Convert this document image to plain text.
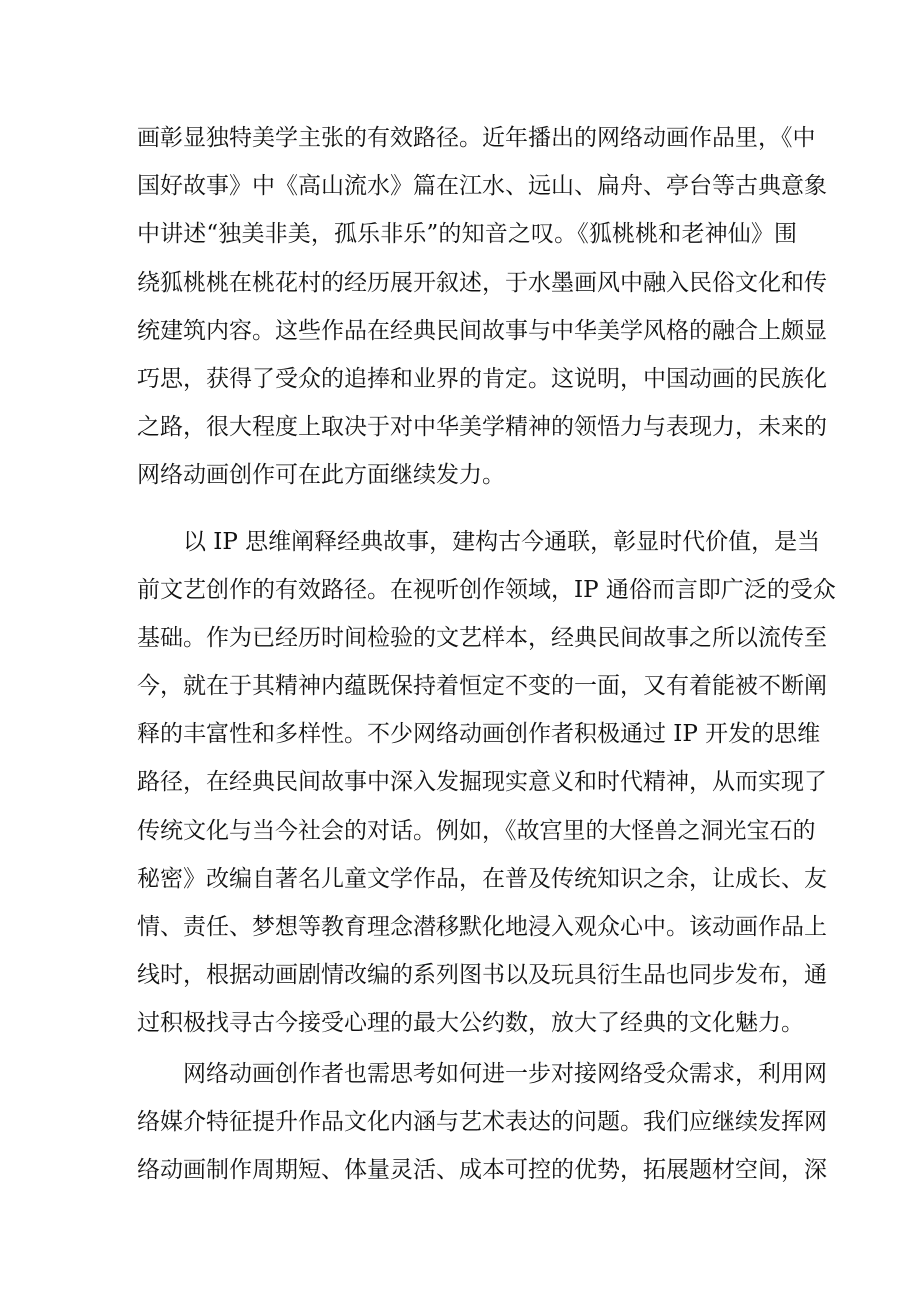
画彰显独特美学主张的有效路径。近年播出的网络动画作品里，《中
国好故事》中《高山流水》篇在江水、远山、扁舟、亭台等古典意象
中讲述“独美非美，孤乐非乐”的知音之叹。《狐桃桃和老神仙》围
绕狐桃桃在桃花村的经历展开叙述，于水墨画风中融入民俗文化和传
统建筑内容。这些作品在经典民间故事与中华美学风格的融合上颇显
巧思，获得了受众的追捧和业界的肯定。这说明，中国动画的民族化
之路，很大程度上取决于对中华美学精神的领悟力与表现力，未来的
网络动画创作可在此方面继续发力。
以 IP 思维阐释经典故事，建构古今通联，彰显时代价值，是当
前文艺创作的有效路径。在视听创作领域，IP 通俗而言即广泛的受众
基础。作为已经历时间检验的文艺样本，经典民间故事之所以流传至
今，就在于其精神内蕴既保持着恒定不变的一面，又有着能被不断阐
释的丰富性和多样性。不少网络动画创作者积极通过 IP 开发的思维
路径，在经典民间故事中深入发掘现实意义和时代精神，从而实现了
传统文化与当今社会的对话。例如，《故宫里的大怪兽之洞光宝石的
秘密》改编自著名儿童文学作品，在普及传统知识之余，让成长、友
情、责任、梦想等教育理念潜移默化地浸入观众心中。该动画作品上
线时，根据动画剧情改编的系列图书以及玩具衍生品也同步发布，通
过积极找寻古今接受心理的最大公约数，放大了经典的文化魅力。
网络动画创作者也需思考如何进一步对接网络受众需求，利用网
络媒介特征提升作品文化内涵与艺术表达的问题。我们应继续发挥网
络动画制作周期短、体量灵活、成本可控的优势，拓展题材空间，深
